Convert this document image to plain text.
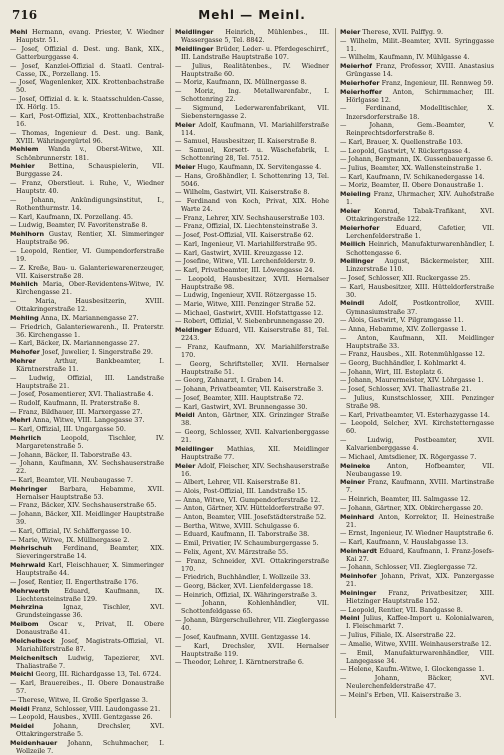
716	Mehl — Meinl.

Mehl Hermann, evang. Priester, V. Wiedner Hauptstr. 51.

— Josef, Offizial d. Dest. ung. Bank, XIX., Gatterburggasse 4.

— Josef, Kanzlei-Offizial d. Staatl. Central-Casse, IX., Porzellang. 15.

— Josef, Wagenlenker, XIX. Krottenbachstraße 50.

— Josef, Offizial d. k. k. Staatsschulden-Casse, IX. Hörlg. 15.

— Karl, Post-Offizial, XIX., Krottenbachstraße 16.

— Thomas, Ingenieur d. Dest. ung. Bank, XVIII. Währingergürtel 96.

Mehlem Wanda v., Oberst-Witwe, XII. Schönbrunnerstr. 181.

Mehler Bettina, Schauspielerin, VII. Burggasse 24.

— Franz, Oberstleut. i. Ruhe, V., Wiedner Hauptstr. 40.

— Johann, Ankündigungsinstitut, I., Rothenthurmstr. 14.

— Karl, Kaufmann, IX. Porzellang. 45.

— Ludwig, Beamter, IV. Favoritenstraße 8.

Mehlhorn Gustav, Rentier, XI. Simmeringer Hauptstraße 96.

— Leopold, Rentier, VI. Gumpendorferstraße 19.

— Z. Kreße, Bau- u. Galanteriewarenerzeuger, VII. Kaiserstraße 28.

Mehlich Maria, Ober-Revidentens-Witwe, IV. Kirchengasse 21.

— Maria, Hausbesitzerin, XVIII. Ottakringerstraße 12.

Mehling Anna, IX. Mariannengasse 27.

— Friedrich, Galanteriewarenh., II. Praterstr. 36. Kirchengasse 1.

— Karl, Bäcker, IX. Mariannengasse 27.

Mehofer Josef, Juwelier, I. Singerstraße 29.

Mehrer	Arthur, Bankbeamter, I. Kärntnerstraße 11.

— Ludwig, Offizial, III. Landstraße Hauptstraße 21.

— Josef, Posamentierer, XVI. Thaliastraße 4.

— Rudolf, Kaufmann, II. Praterstraße 8.

— Franz, Bildhauer, III. Marxergasse 27.

Mehrl Anna, Witwe, VIII. Langegasse 37.

— Karl, Offizial, III. Ungargasse 50.

Mehrlich	Leopold, Tischler, IV. Margaretenstraße 5.

— Johann, Bäcker, II. Taborstraße 43.

— Johann, Kaufmann, XV. Sechshauserstraße 22.

— Karl, Beamter, VII. Neubaugasse 7.

Mehringer Barbara, Hebamme, XVII. Hernalser Hauptstraße 53.

— Franz, Bäcker, XIV. Sechshauserstraße 65.

— Johann, Bäcker, XII. Meidlinger Hauptstraße 39.

— Karl, Offizial, IV. Schäffergasse 10.

— Marie, Witwe, IX. Müllnergasse 2.

Mehrischuh Ferdinand, Beamter, XIX. Sieveringerstraße 14.

Mehrwald Karl, Fleischhauer, X. Simmeringer Hauptstraße 44.

— Josef, Rentier, II. Engerthstraße 176.

Mehrwerth Eduard, Kaufmann, IX. Liechtensteinstraße 129.

Mehrzina	Ignaz, Tischler, XVI. Grundsteingasse 36.

Meibom Oscar v., Privat, II. Obere Donaustraße 41.

Meichelbeck Josef, Magistrats-Offizial, VI. Mariahilferstraße 87.

Meichenitsch Ludwig, Tapezierer, XVI. Thaliastraße 7.

Meichl Georg, III. Richardgasse 13, Tel. 6724.

— Karl, Brauereibes., II. Obere Donaustraße 57.

— Therese, Witwe, II. Große Sperlgasse 3.

Meidl Franz, Schlosser, VIII. Laudongasse 21.

— Leopold, Hausbes., XVIII. Gentzgasse 26.

Meidel	Johann, Drechsler, XVI. Ottakringerstraße 5.

Meidenhauer Johann, Schuhmacher, I. Wollzeile 7.

Meidlinger Heinrich, Mühlenbes., III. Wassergasse 5, Tel. 8842.

Meidlinger Brüder, Leder- u. Pferdegeschirrf., III. Landstraße Hauptstraße 107.

— Julius, Realitätenbes., IV. Wiedner Hauptstraße 60.

— Moriz, Kaufmann, IX. Müllnergasse 8.

— Moriz, Ing. Metallwarenfabr., I. Schottenring 22.

— Sigmund, Lederwarenfabrikant, VII. Siebensterngasse 2.

Meier Adolf, Kaufmann, VI. Mariahilferstraße 114.

— Samuel, Hausbesitzer, II. Kaiserstraße 8.

— Samuel, Korsett- u. Wäschefabrik, I. Schottenring 28, Tel. 7512.

Meier Hugo, Kaufmann, IX. Servitengasse 4.

— Hans, Großhändler, I. Schottenring 13, Tel. 5046.

— Wilhelm, Gastwirt, VII. Kaiserstraße 8.

— Ferdinand von Koch, Privat, XIX. Hohe Warte 24.

— Franz, Lehrer, XIV. Sechshauserstraße 103.

— Franz, Offizial, IX. Liechtensteinstraße 3.

— Josef, Post-Offizial, VII. Kaiserstraße 62.

— Karl, Ingenieur, VI. Mariahilferstraße 95.

— Karl, Gastwirt, XVIII. Kreuzgasse 12.

— Josefine, Witwe, VII. Lerchenfelderstr. 9.

— Karl, Privatbeamter, III. Löwengasse 24.

— Leopold, Hausbesitzer, XVII. Hernalser Hauptstraße 98.

— Ludwig, Ingenieur, XVII. Rötzergasse 15.

— Marie, Witwe, XIII. Penzinger Straße 52.

— Michael, Gastwirt, XVIII. Hofstattgasse 12.

— Robert, Offizial, V. Siebenbrunnengasse 20.

Meidinger Eduard, VII. Kaiserstraße 81, Tel. 2243.

— Franz, Kaufmann, XV. Mariahilferstraße 170.

— Georg, Schriftsteller, XVII. Hernalser Hauptstraße 51.

— Georg, Zahnarzt, I. Graben 14.

— Johann, Privatbeamter, VII. Kaiserstraße 3.

— Josef, Beamter, XIII. Hauptstraße 72.

— Karl, Gastwirt, XVI. Brunnengasse 30.

Meidl Anton, Gärtner, XIX. Grinzinger Straße 38.

— Georg, Schlosser, XVII. Kalvarienberggasse 21.

Meidlinger Mathias, XII. Meidlinger Hauptstraße 77.

Meier Adolf, Fleischer, XIV. Sechshauserstraße 16.

— Albert, Lehrer, VII. Kaiserstraße 81.

— Alois, Post-Offizial, III. Landstraße 15.

— Anna, Witwe, VI. Gumpendorferstraße 12.

— Anton, Gärtner, XIV. Hütteldorferstraße 97.

— Anton, Beamter, VIII. Josefstädterstraße 52.

— Bertha, Witwe, XVIII. Schulgasse 6.

— Eduard, Kaufmann, II. Taborstraße 38.

— Emil, Privatier, IV. Schaumburgergasse 5.

— Felix, Agent, XV. Märzstraße 55.

— Franz, Schneider, XVI. Ottakringerstraße 170.

— Friedrich, Buchhändler, I. Wollzeile 33.

— Georg, Bäcker, XVI. Lienfeldergasse 18.

— Heinrich, Offizial, IX. Währingerstraße 3.

— Johann, Kohlenhändler, VII. Schottenfeldgasse 65.

— Johann, Bürgerschullehrer, VII. Zieglergasse 40.

— Josef, Kaufmann, XVIII. Gentzgasse 14.

— Karl, Drechsler, XVII. Hernalser Hauptstraße 119.

— Theodor, Lehrer, I. Kärntnerstraße 6.

Meier Therese, XVII. Palffyg. 9.

— Wilhelm, Milit.-Beamter, XVII. Syringgasse 11.

— Wilhelm, Kaufmann, IV. Mühlgasse 4.

Meierhof Franz, Professor, XVIII. Anastasius Grüngasse 14.

Meierhofer Franz, Ingenieur, III. Rennweg 59.

Meierhoffer Anton, Schirmmacher, III. Hörlgasse 12.

— Ferdinand, Modelltischler, X. Inzersdorferstraße 18.

— Johann, Gem.-Beamter, V. Reinprechtsdorferstraße 8.

— Karl, Brauer, X. Quellenstraße 103.

— Leopold, Gastwirt, V. Rückertgasse 4.

— Johann, Bergmann, IX. Gussenbauergasse 6.

— Julius, Beamter, XX. Wallensteinstraße 1.

— Karl, Kaufmann, IV. Schikanedergasse 14.

— Moriz, Beamter, II. Obere Donaustraße 1.

Meieling Franz, Uhrmacher, XIV. Auhofstraße 1.

Meier Konrad, Tabak-Trafikant, XVI. Ottakringerstraße 122.

Meierhofer	Eduard, Cafetier, VII. Lerchenfelderstraße 1.

Meilich Heinrich, Manufakturwarenhändler, I. Schottengasse 6.

Meilinger August, Bäckermeister, XIII. Linzerstraße 110.

— Josef, Schlosser, XII. Ruckergasse 25.

— Karl, Hausbesitzer, XIII. Hütteldorferstraße 30.

Meindl Adolf, Postkontrollor, XVIII. Gymnasiumstraße 37.

— Alois, Gastwirt, V. Pilgramgasse 11.

— Anna, Hebamme, XIV. Zollergasse 1.

— Anton, Kaufmann, XII. Meidlinger Hauptstraße 33.

— Franz, Hausbes., XII. Rotenmühlgasse 12.

— Georg, Buchhändler, I. Kohlmarkt 4.

— Johann, Wirt, III. Esteplatz 6.

— Johann, Maurermeister, XIV. Löhrgasse 1.

— Josef, Schlosser, XVI. Thaliastraße 21.

— Julius, Kunstschlosser, XIII. Penzinger Straße 98.

— Karl, Privatbeamter, VI. Esterhazygasse 14.

— Leopold, Selcher, XVI. Kirchstetterngasse 60.

— Ludwig, Postbeamter, XVII. Kalvarienberggasse 4.

— Michael, Amtsdiener, IX. Rögergasse 7.

Meineke	Anton, Hofbeamter, VII. Neubaugasse 19.

Meiner Franz, Kaufmann, XVIII. Martinstraße 7.

— Heinrich, Beamter, III. Salmgasse 12.

— Johann, Gärtner, XIX. Obkirchergasse 20.

Meinhard Anton, Korrektor, II. Heinestraße 21.

— Ernst, Ingenieur, IV. Wiedner Hauptstraße 6.

— Karl, Kaufmann, V. Hauslabgasse 13.

Meinhardt Eduard, Kaufmann, I. Franz-Josefs-Kai 27.

— Johann, Schlosser, VII. Zieglergasse 72.

Meinhofer Johann, Privat, XIX. Panzergasse 21.

Meininger Franz, Privatbesitzer, XIII. Hietzinger Hauptstraße 152.

— Leopold, Rentier, VII. Bandgasse 8.

Meinl Julius, Kaffee-Import u. Kolonialwaren, I. Fleischmarkt 7.

— Julius, Filiale, IX. Alserstraße 22.

— Amalie, Witwe, XVIII. Weinhauserstraße 12.

— Emil, Manufakturwarenhändler, VIII. Langegasse 34.

— Helene, Kaufm.-Witwe, I. Glockengasse 1.

— Johann, Bäcker, XVI. Neulerchenfelderstraße 47.

— Meinl's Erben, VII. Kaiserstraße 3.
